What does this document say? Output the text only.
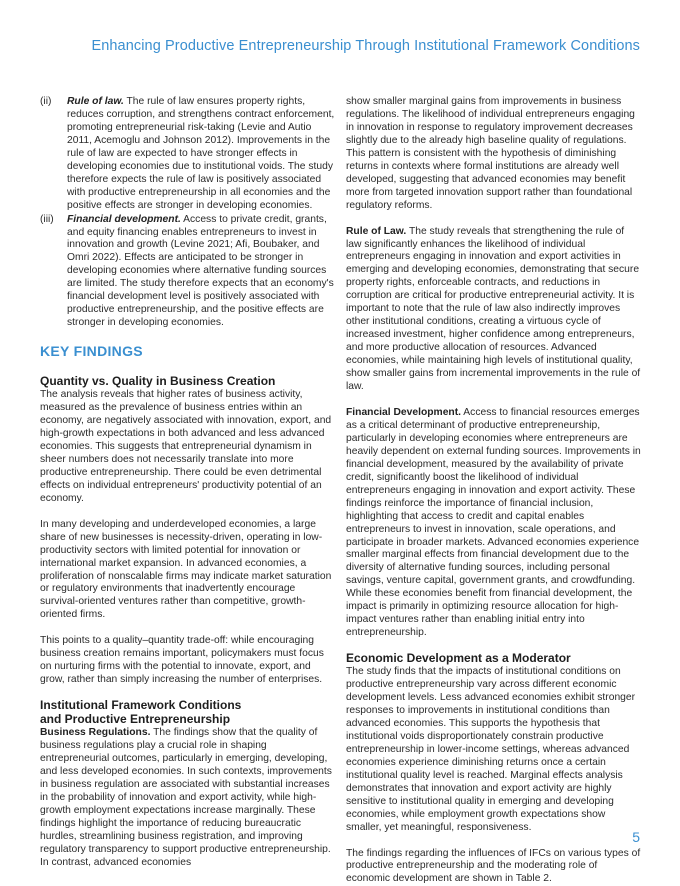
Enhancing Productive Entrepreneurship Through Institutional Framework Conditions
(ii)	Rule of law. The rule of law ensures property rights, reduces corruption, and strengthens contract enforcement, promoting entrepreneurial risk-taking (Levie and Autio 2011, Acemoglu and Johnson 2012). Improvements in the rule of law are expected to have stronger effects in developing economies due to institutional voids. The study therefore expects the rule of law is positively associated with productive entrepreneurship in all economies and the positive effects are stronger in developing economies.

(iii)	Financial development. Access to private credit, grants, and equity financing enables entrepreneurs to invest in innovation and growth (Levine 2021; Afi, Boubaker, and Omri 2022). Effects are anticipated to be stronger in developing economies where alternative funding sources are limited. The study therefore expects that an economy's financial development level is positively associated with productive entrepreneurship, and the positive effects are stronger in developing economies.

KEY FINDINGS
Quantity vs. Quality in Business Creation

The analysis reveals that higher rates of business activity, measured as the prevalence of business entries within an economy, are negatively associated with innovation, export, and high-growth expectations in both advanced and less advanced economies. This suggests that entrepreneurial dynamism in sheer numbers does not necessarily translate into more productive entrepreneurship. There could be even detrimental effects on individual entrepreneurs' productivity potential of an economy.

In many developing and underdeveloped economies, a large share of new businesses is necessity-driven, operating in low-productivity sectors with limited potential for innovation or international market expansion. In advanced economies, a proliferation of nonscalable firms may indicate market saturation or regulatory environments that inadvertently encourage survival-oriented ventures rather than competitive, growth-oriented firms.

This points to a quality–quantity trade-off: while encouraging business creation remains important, policymakers must focus on nurturing firms with the potential to innovate, export, and grow, rather than simply increasing the number of enterprises.

Institutional Framework Conditions
and Productive Entrepreneurship

Business Regulations. The findings show that the quality of business regulations play a crucial role in shaping entrepreneurial outcomes, particularly in emerging, developing, and less developed economies. In such contexts, improvements in business regulation are associated with substantial increases in the probability of innovation and export activity, while high-growth employment expectations increase marginally. These findings highlight the importance of reducing bureaucratic hurdles, streamlining business registration, and improving regulatory transparency to support productive entrepreneurship. In contrast, advanced economies

show smaller marginal gains from improvements in business regulations. The likelihood of individual entrepreneurs engaging in innovation in response to regulatory improvement decreases slightly due to the already high baseline quality of regulations. This pattern is consistent with the hypothesis of diminishing returns in contexts where formal institutions are already well developed, suggesting that advanced economies may benefit more from targeted innovation support rather than foundational regulatory reforms.

Rule of Law. The study reveals that strengthening the rule of law significantly enhances the likelihood of individual entrepreneurs engaging in innovation and export activities in emerging and developing economies, demonstrating that secure property rights, enforceable contracts, and reductions in corruption are critical for productive entrepreneurial activity. It is important to note that the rule of law also indirectly improves other institutional conditions, creating a virtuous cycle of increased investment, higher confidence among entrepreneurs, and more productive allocation of resources. Advanced economies, while maintaining high levels of institutional quality, show smaller gains from incremental improvements in the rule of law.

Financial Development. Access to financial resources emerges as a critical determinant of productive entrepreneurship, particularly in developing economies where entrepreneurs are heavily dependent on external funding sources. Improvements in financial development, measured by the availability of private credit, significantly boost the likelihood of individual entrepreneurs engaging in innovation and export activity. These findings reinforce the importance of financial inclusion, highlighting that access to credit and capital enables entrepreneurs to invest in innovation, scale operations, and participate in broader markets. Advanced economies experience smaller marginal effects from financial development due to the diversity of alternative funding sources, including personal savings, venture capital, government grants, and crowdfunding. While these economies benefit from financial development, the impact is primarily in optimizing resource allocation for high-impact ventures rather than enabling initial entry into entrepreneurship.

Economic Development as a Moderator

The study finds that the impacts of institutional conditions on productive entrepreneurship vary across different economic development levels. Less advanced economies exhibit stronger responses to improvements in institutional conditions than advanced economies. This supports the hypothesis that institutional voids disproportionately constrain productive entrepreneurship in lower-income settings, whereas advanced economies experience diminishing returns once a certain institutional quality level is reached. Marginal effects analysis demonstrates that innovation and export activity are highly sensitive to institutional quality in emerging and developing economies, while employment growth expectations show smaller, yet meaningful, responsiveness.

The findings regarding the influences of IFCs on various types of productive entrepreneurship and the moderating role of economic development are shown in Table 2.

5
